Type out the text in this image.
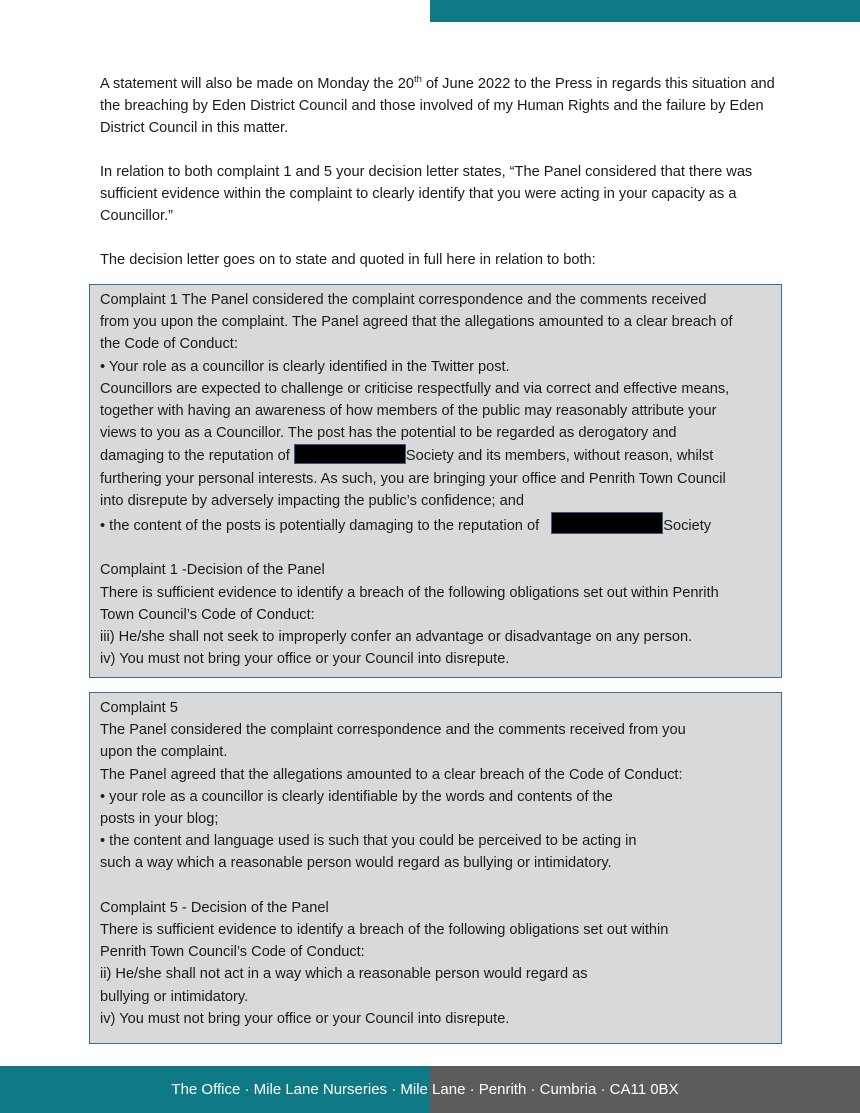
A statement will also be made on Monday the 20th of June 2022 to the Press in regards this situation and the breaching by Eden District Council and those involved of my Human Rights and the failure by Eden District Council in this matter.

In relation to both complaint 1 and 5 your decision letter states, “The Panel considered that there was sufficient evidence within the complaint to clearly identify that you were acting in your capacity as a Councillor.”

The decision letter goes on to state and quoted in full here in relation to both:

Complaint 1 The Panel considered the complaint correspondence and the comments received
from you upon the complaint. The Panel agreed that the allegations amounted to a clear breach of
the Code of Conduct:
• Your role as a councillor is clearly identified in the Twitter post.
Councillors are expected to challenge or criticise respectfully and via correct and effective means,
together with having an awareness of how members of the public may reasonably attribute your
views to you as a Councillor. The post has the potential to be regarded as derogatory and
damaging to the reputation of	Society and its members, without reason, whilst
furthering your personal interests. As such, you are bringing your office and Penrith Town Council
into disrepute by adversely impacting the public’s confidence; and
• the content of the posts is potentially damaging to the reputation of	Society
Complaint 1 -Decision of the Panel
There is sufficient evidence to identify a breach of the following obligations set out within Penrith
Town Council’s Code of Conduct:
iii) He/she shall not seek to improperly confer an advantage or disadvantage on any person.
iv) You must not bring your office or your Council into disrepute.
Complaint 5
The Panel considered the complaint correspondence and the comments received from you
upon the complaint.
The Panel agreed that the allegations amounted to a clear breach of the Code of Conduct:
• your role as a councillor is clearly identifiable by the words and contents of the
posts in your blog;
• the content and language used is such that you could be perceived to be acting in
such a way which a reasonable person would regard as bullying or intimidatory.
Complaint 5 - Decision of the Panel
There is sufficient evidence to identify a breach of the following obligations set out within
Penrith Town Council’s Code of Conduct:
ii) He/she shall not act in a way which a reasonable person would regard as
bullying or intimidatory.
iv) You must not bring your office or your Council into disrepute.
The Office · Mile Lane Nurseries · Mile Lane · Penrith · Cumbria · CA11 0BX
